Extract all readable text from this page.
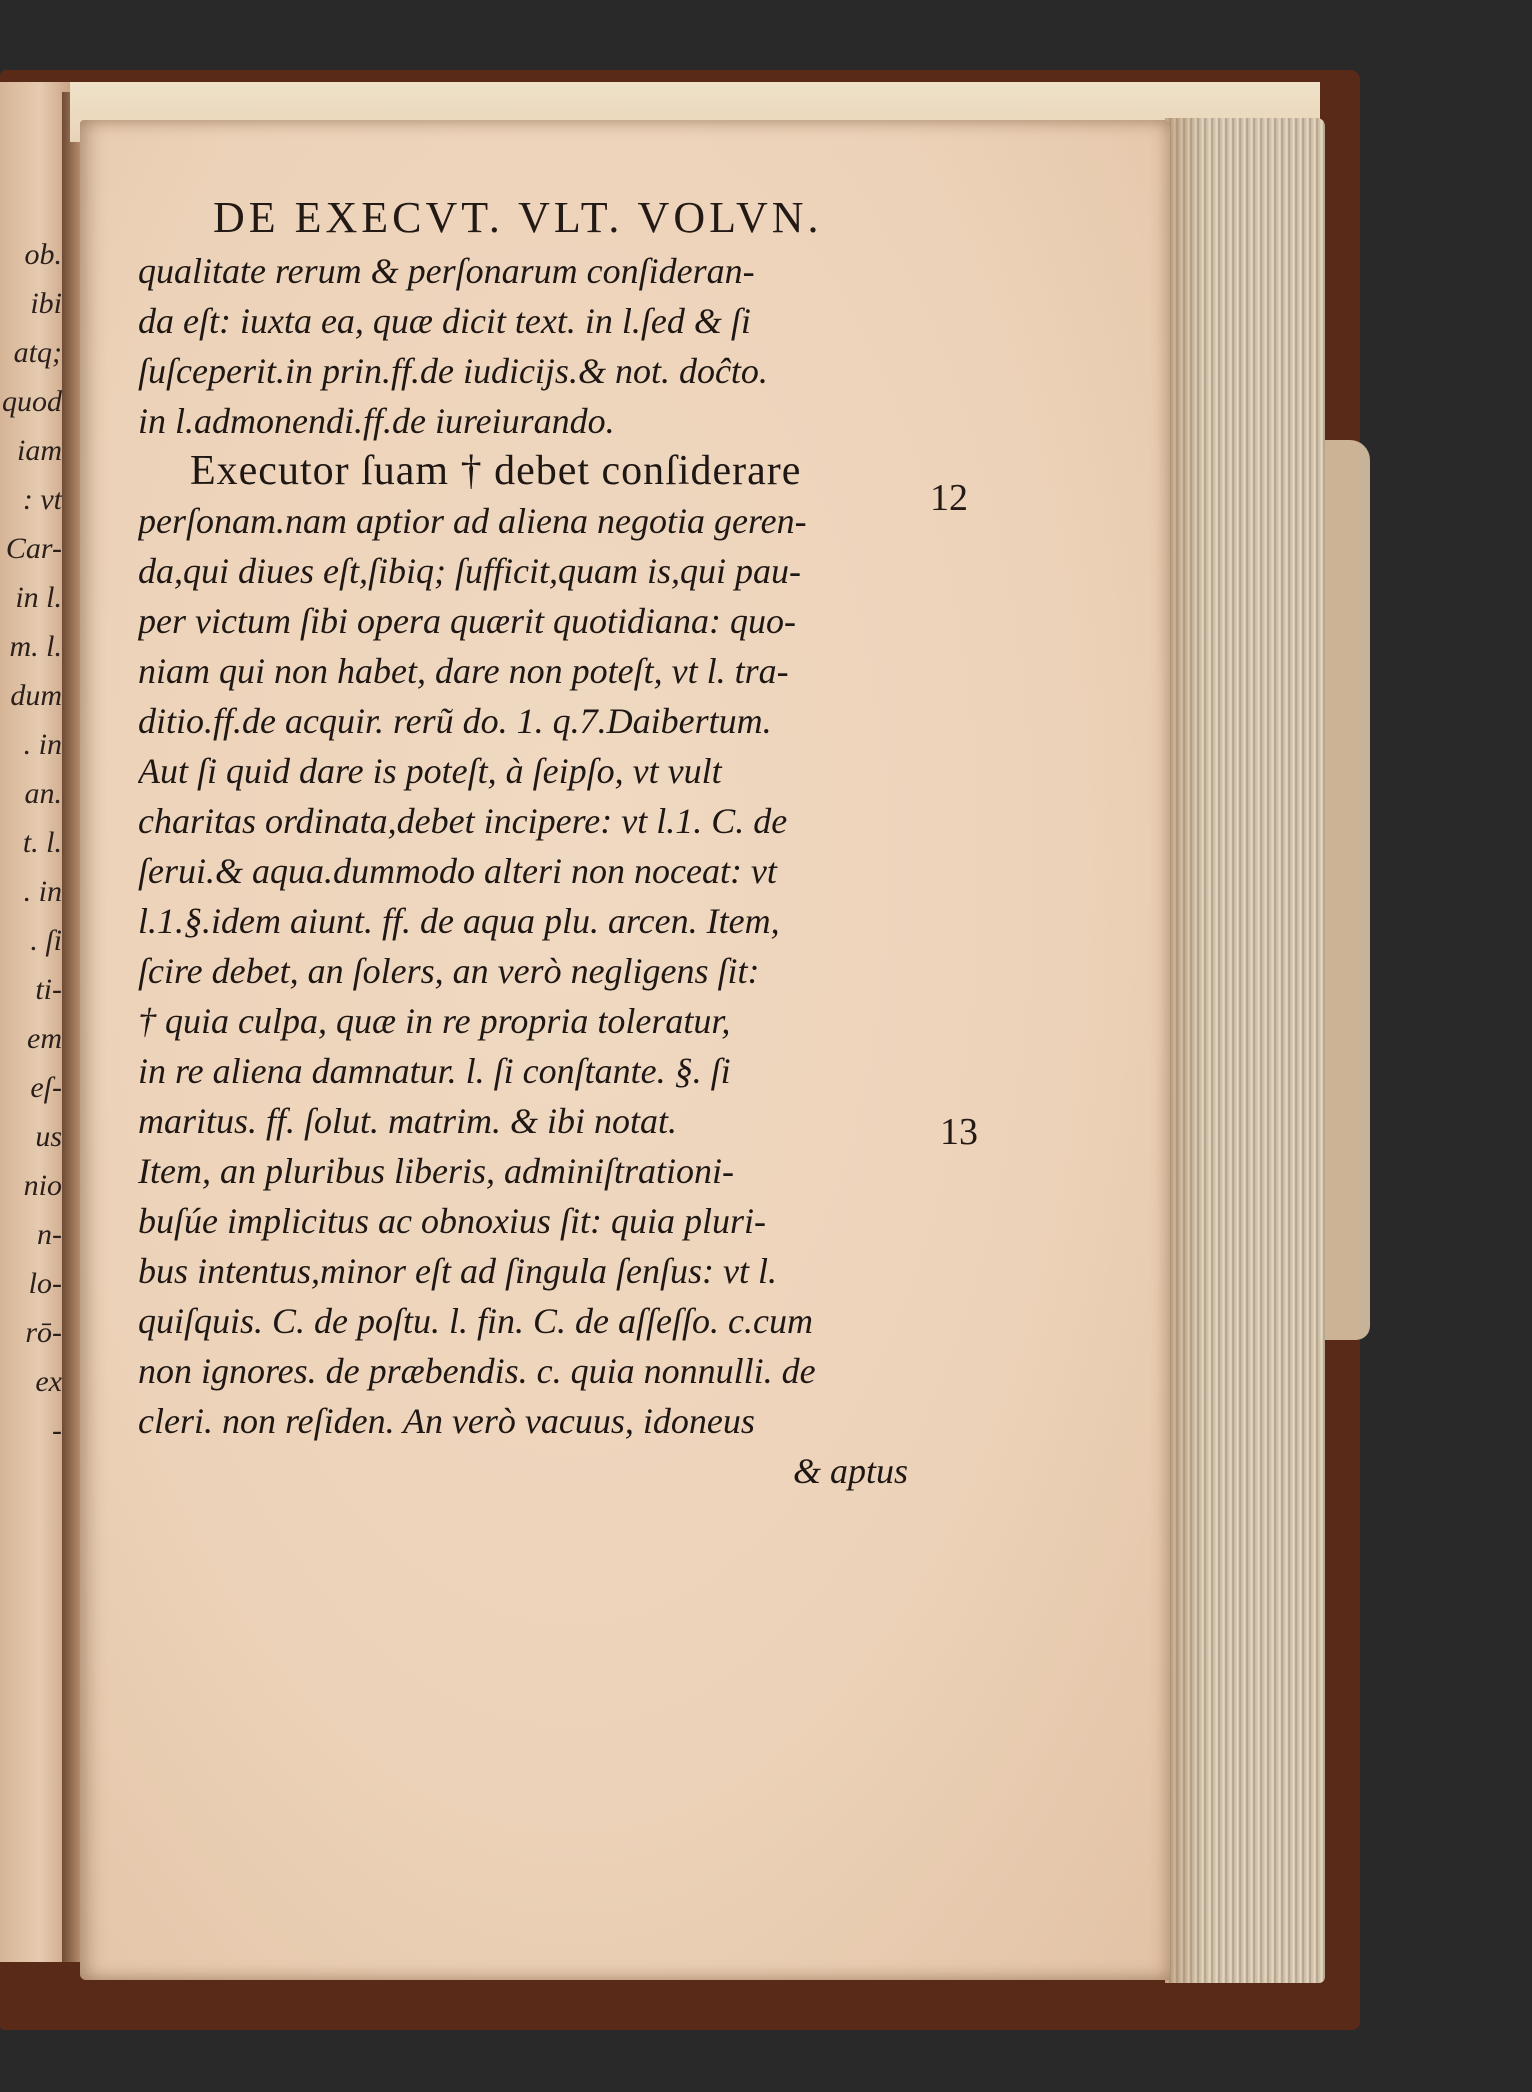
ob.
ibi
atq;
quod
iam
: vt
Car-
in l.
m. l.
dum
. in
an.
t. l.
. in
. ſi
ti-
em
eſ-
us
nio
n-
lo-
rō-
ex
-
DE EXECVT. VLT. VOLVN.
qualitate rerum & perſonarum conſideran-
da eſt: iuxta ea, quæ dicit text. in l.ſed & ſi
ſuſceperit.in prin.ff.de iudicijs.& not. doĉto.
in l.admonendi.ff.de iureiurando.
Executor ſuam † debet conſiderare
perſonam.nam aptior ad aliena negotia geren-
da,qui diues eſt,ſibiq; ſufficit,quam is,qui pau-
per victum ſibi opera quærit quotidiana: quo-
niam qui non habet, dare non poteſt, vt l. tra-
ditio.ff.de acquir. rerũ do. 1. q.7.Daibertum.
Aut ſi quid dare is poteſt, à ſeipſo, vt vult
charitas ordinata,debet incipere: vt l.1. C. de
ſerui.& aqua.dummodo alteri non noceat: vt
l.1.§.idem aiunt. ff. de aqua plu. arcen. Item,
ſcire debet, an ſolers, an verò negligens ſit:
† quia culpa, quæ in re propria toleratur,
in re aliena damnatur. l. ſi conſtante. §. ſi
maritus. ff. ſolut. matrim. & ibi notat.
Item, an pluribus liberis, adminiſtrationi-
buſúe implicitus ac obnoxius ſit: quia pluri-
bus intentus,minor eſt ad ſingula ſenſus: vt l.
quiſquis. C. de poſtu. l. fin. C. de aſſeſſo. c.cum
non ignores. de præbendis. c. quia nonnulli. de
cleri. non reſiden. An verò vacuus, idoneus
& aptus
12
13
